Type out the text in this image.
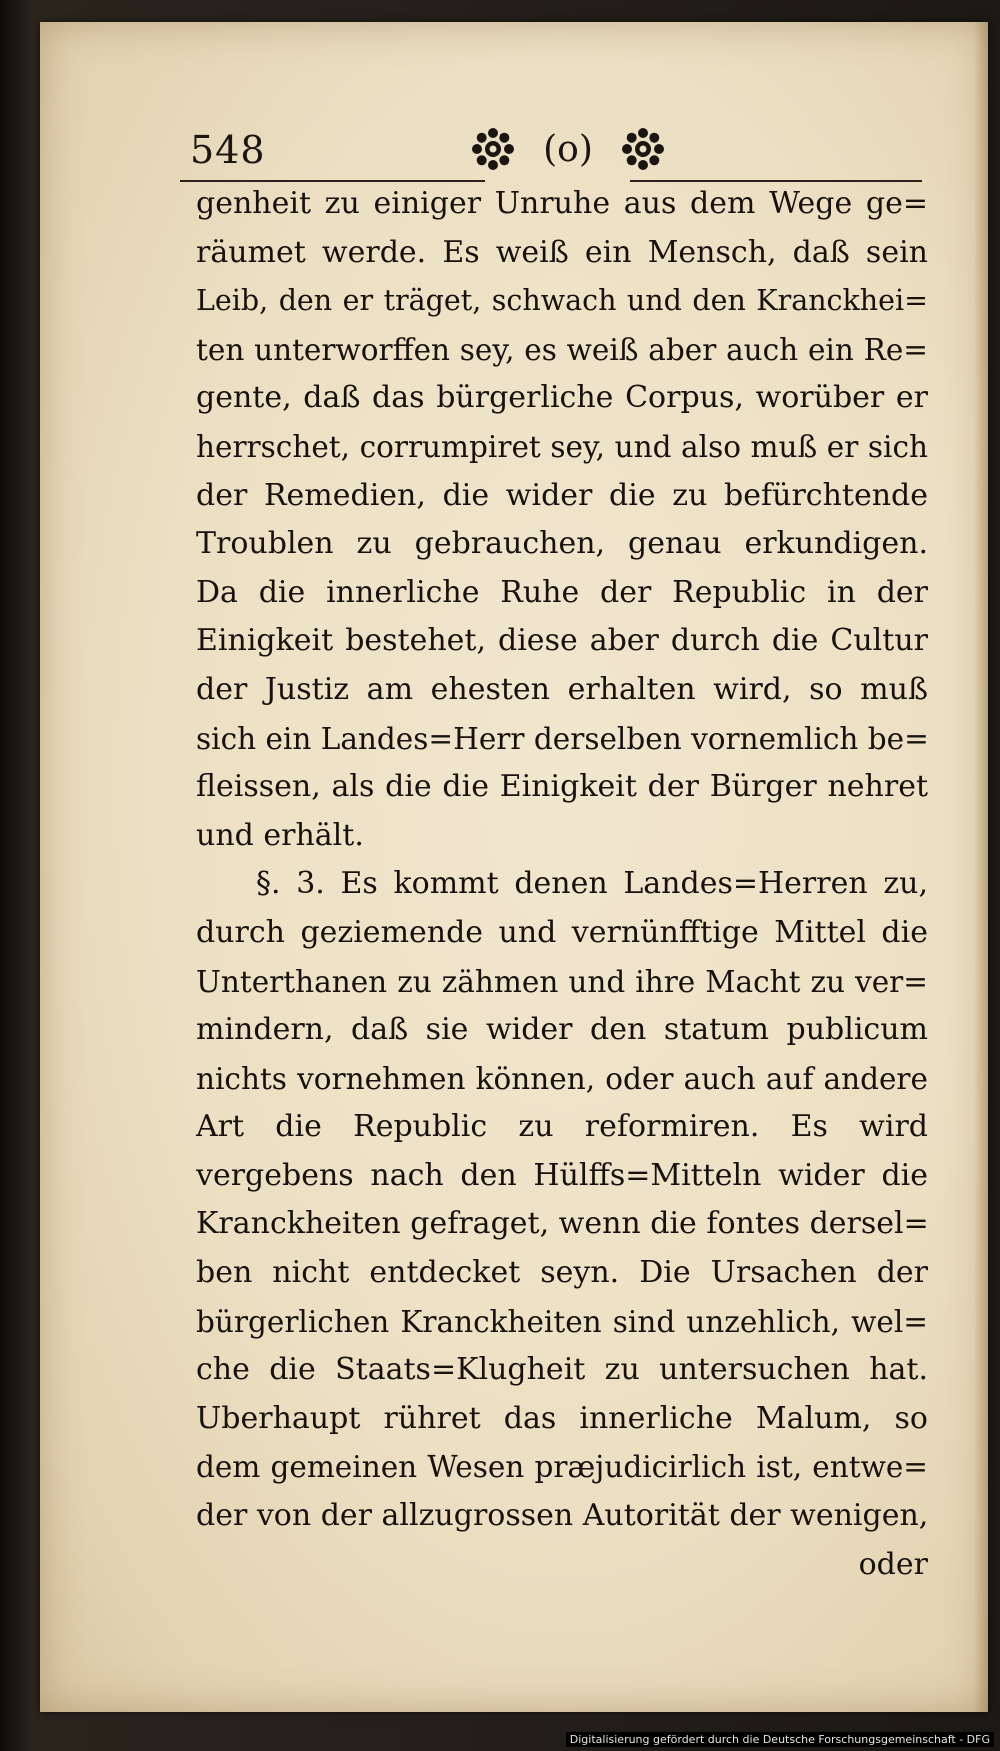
548	(o)
genheit zu einiger Unruhe aus dem Wege ge=
räumet werde. Es weiß ein Mensch, daß sein
Leib, den er träget, schwach und den Kranckhei=
ten unterworffen sey, es weiß aber auch ein Re=
gente, daß das bürgerliche Corpus, worüber er
herrschet, corrumpiret sey, und also muß er sich
der Remedien, die wider die zu befürchtende
Troublen zu gebrauchen, genau erkundigen.
Da die innerliche Ruhe der Republic in der
Einigkeit bestehet, diese aber durch die Cultur
der Justiz am ehesten erhalten wird, so muß
sich ein Landes=Herr derselben vornemlich be=
fleissen, als die die Einigkeit der Bürger nehret
und erhält.
§. 3. Es kommt denen Landes=Herren zu,
durch geziemende und vernünfftige Mittel die
Unterthanen zu zähmen und ihre Macht zu ver=
mindern, daß sie wider den statum publicum
nichts vornehmen können, oder auch auf andere
Art die Republic zu reformiren. Es wird
vergebens nach den Hülffs=Mitteln wider die
Kranckheiten gefraget, wenn die fontes dersel=
ben nicht entdecket seyn. Die Ursachen der
bürgerlichen Kranckheiten sind unzehlich, wel=
che die Staats=Klugheit zu untersuchen hat.
Uberhaupt rühret das innerliche Malum, so
dem gemeinen Wesen præjudicirlich ist, entwe=
der von der allzugrossen Autorität der wenigen,
oder
Digitalisierung gefördert durch die Deutsche Forschungsgemeinschaft - DFG
